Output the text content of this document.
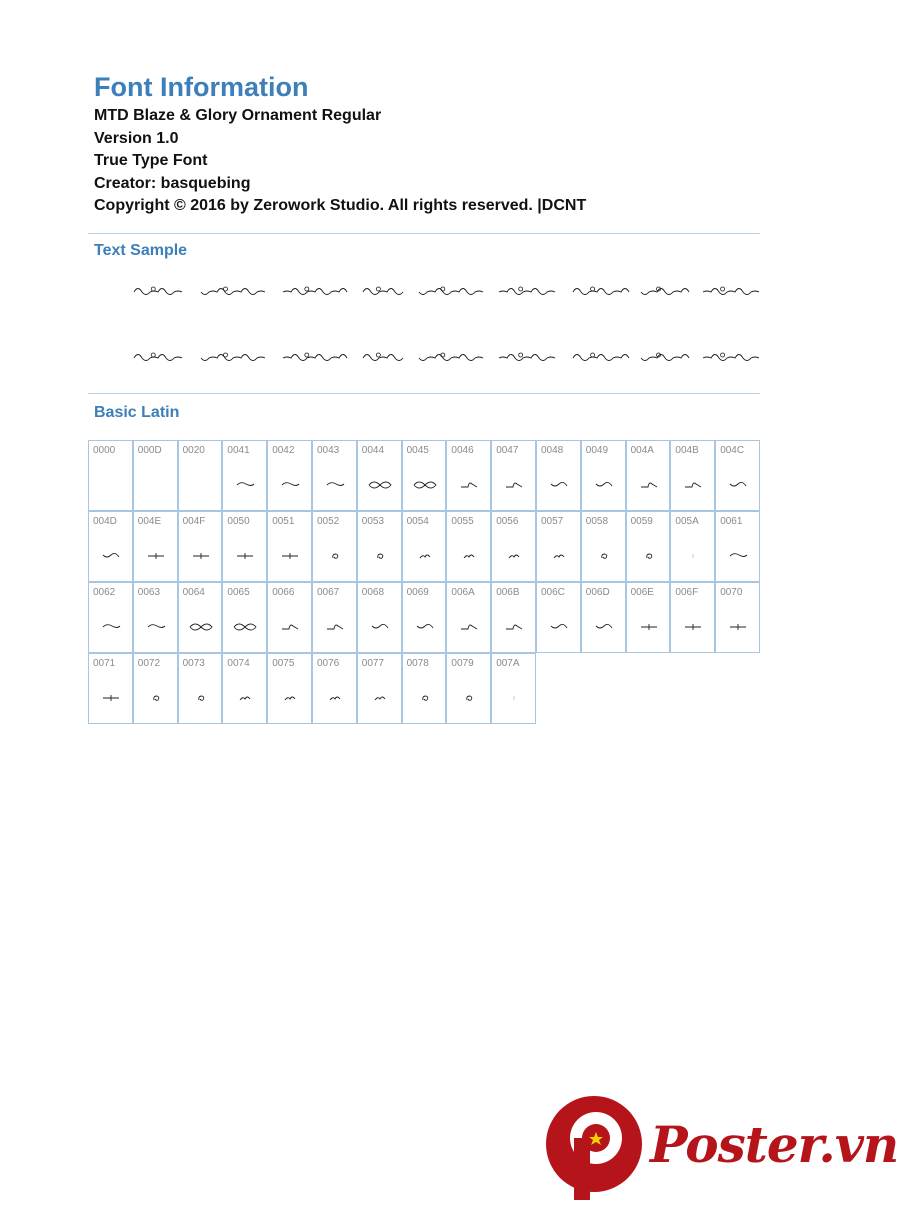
Font Information
MTD Blaze & Glory Ornament Regular
Version 1.0
True Type Font
Creator: basquebing
Copyright © 2016 by Zerowork Studio. All rights reserved. |DCNT
Text Sample
Basic Latin
0000 000D 0020 0041 0042 0043 0044 0045 0046 0047 0048 0049 004A 004B 004C
004D 004E 004F 0050 0051 0052 0053 0054 0055 0056 0057 0058 0059 005A 0061
0062 0063 0064 0065 0066 0067 0068 0069 006A 006B 006C 006D 006E 006F 0070
0071 0072 0073 0074 0075 0076 0077 0078 0079 007A
Poster.vn
